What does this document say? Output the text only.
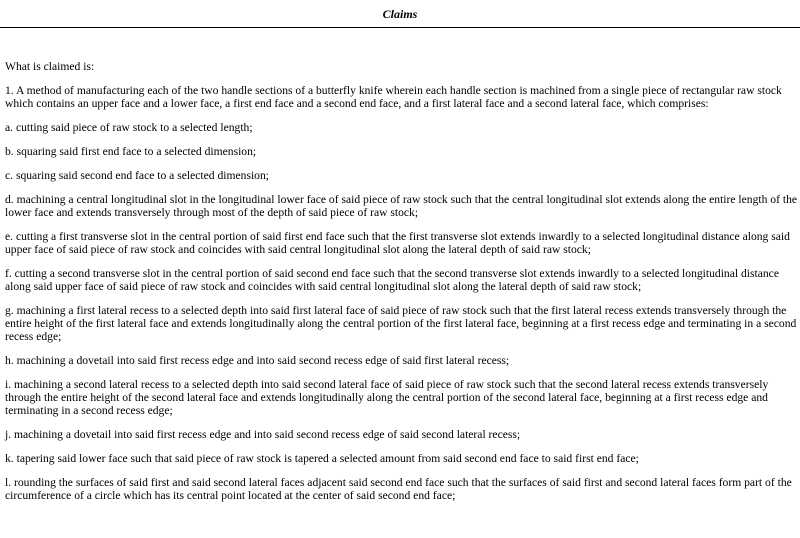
Claims

What is claimed is:

1. A method of manufacturing each of the two handle sections of a butterfly knife wherein each handle section is machined from a single piece of rectangular raw stock which contains an upper face and a lower face, a first end face and a second end face, and a first lateral face and a second lateral face, which comprises:

a. cutting said piece of raw stock to a selected length;

b. squaring said first end face to a selected dimension;

c. squaring said second end face to a selected dimension;

d. machining a central longitudinal slot in the longitudinal lower face of said piece of raw stock such that the central longitudinal slot extends along the entire length of the lower face and extends transversely through most of the depth of said piece of raw stock;

e. cutting a first transverse slot in the central portion of said first end face such that the first transverse slot extends inwardly to a selected longitudinal distance along said upper face of said piece of raw stock and coincides with said central longitudinal slot along the lateral depth of said raw stock;

f. cutting a second transverse slot in the central portion of said second end face such that the second transverse slot extends inwardly to a selected longitudinal distance along said upper face of said piece of raw stock and coincides with said central longitudinal slot along the lateral depth of said raw stock;

g. machining a first lateral recess to a selected depth into said first lateral face of said piece of raw stock such that the first lateral recess extends transversely through the entire height of the first lateral face and extends longitudinally along the central portion of the first lateral face, beginning at a first recess edge and terminating in a second recess edge;

h. machining a dovetail into said first recess edge and into said second recess edge of said first lateral recess;

i. machining a second lateral recess to a selected depth into said second lateral face of said piece of raw stock such that the second lateral recess extends transversely through the entire height of the second lateral face and extends longitudinally along the central portion of the second lateral face, beginning at a first recess edge and terminating in a second recess edge;

j. machining a dovetail into said first recess edge and into said second recess edge of said second lateral recess;

k. tapering said lower face such that said piece of raw stock is tapered a selected amount from said second end face to said first end face;

l. rounding the surfaces of said first and said second lateral faces adjacent said second end face such that the surfaces of said first and second lateral faces form part of the circumference of a circle which has its central point located at the center of said second end face;
